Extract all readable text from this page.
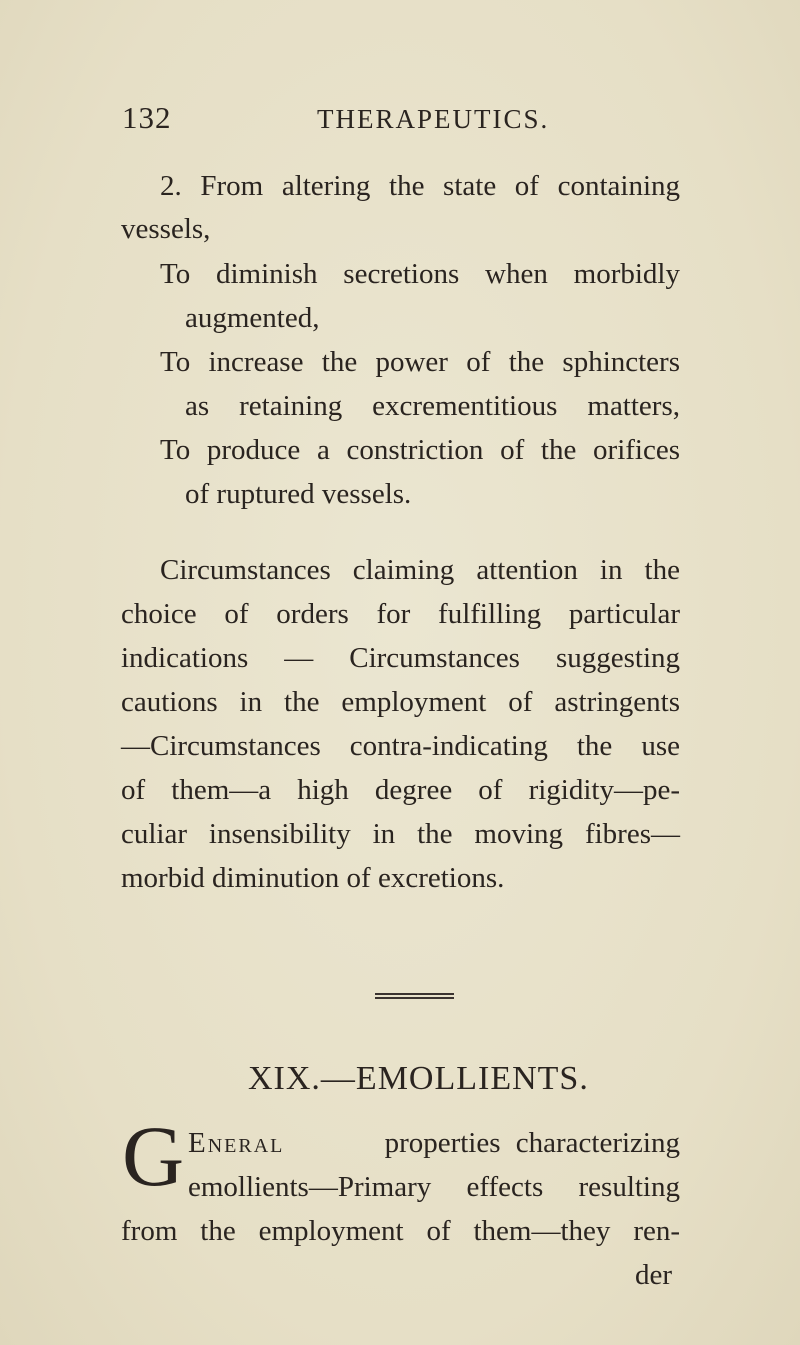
132	THERAPEUTICS.
2. From altering the state of containing
vessels,
To diminish secretions when morbidly
augmented,
To increase the power of the sphincters
as retaining excrementitious matters,
To produce a constriction of the orifices
of ruptured vessels.
Circumstances claiming attention in the
choice of orders for fulfilling particular
indications — Circumstances suggesting
cautions in the employment of astringents
—Circumstances contra-indicating the use
of them—a high degree of rigidity—pe-
culiar insensibility in the moving fibres—
morbid diminution of excretions.
XIX.—EMOLLIENTS.
G Eneral	properties characterizing
emollients—Primary effects resulting
from the employment of them—they ren-
der
